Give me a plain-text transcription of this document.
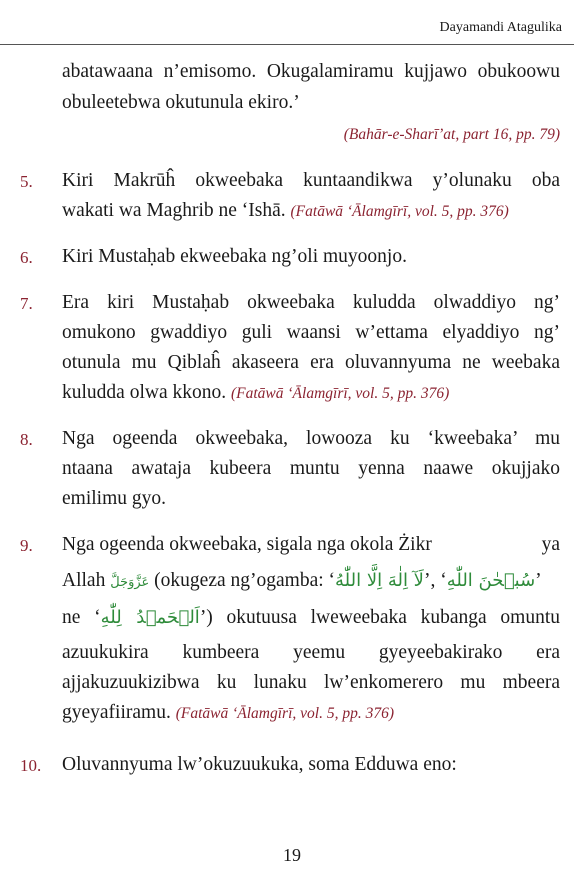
Dayamandi Atagulika
abatawaana n’emisomo. Okugalamiramu kujjawo obukoowu
obuleetebwa okutunula ekiro.’
(Bahār-e-Sharī’at, part 16, pp. 79)
5. Kiri Makrūĥ okweebaka kuntaandikwa y’olunaku oba
wakati wa Maghrib ne ‘Ishā. (Fatāwā ‘Ālamgīrī, vol. 5, pp. 376)
6. Kiri Mustaḥab ekweebaka ng’oli muyoonjo.
7. Era kiri Mustaḥab okweebaka kuludda olwaddiyo ng’
omukono gwaddiyo guli waansi w’ettama elyaddiyo ng’
otunula mu Qiblaĥ akaseera era oluvannyuma ne weebaka
kuludda olwa kkono. (Fatāwā ‘Ālamgīrī, vol. 5, pp. 376)
8. Nga ogeenda okweebaka, lowooza ku ‘kweebaka’ mu
ntaana awataja kubeera muntu yenna naawe okujjako
emilimu gyo.
9. Nga ogeenda okweebaka, sigala nga okola Żikr	ya
Allah عَزَّوَجَلَّ (okugeza ng’ogamba: ‘لَآ اِلٰهَ اِلَّا اللّٰهُ’, ‘سُبۡحٰنَ اللّٰهِ’
ne ‘اَلۡحَمۡدُ لِلّٰهِ’) okutuusa lweweebaka kubanga omuntu
azuukukira kumbeera yeemu gyeyeebakirako era
ajjakuzuukizibwa ku lunaku lw’enkomerero mu mbeera
gyeyafiiramu. (Fatāwā ‘Ālamgīrī, vol. 5, pp. 376)
10. Oluvannyuma lw’okuzuukuka, soma Edduwa eno:
19
